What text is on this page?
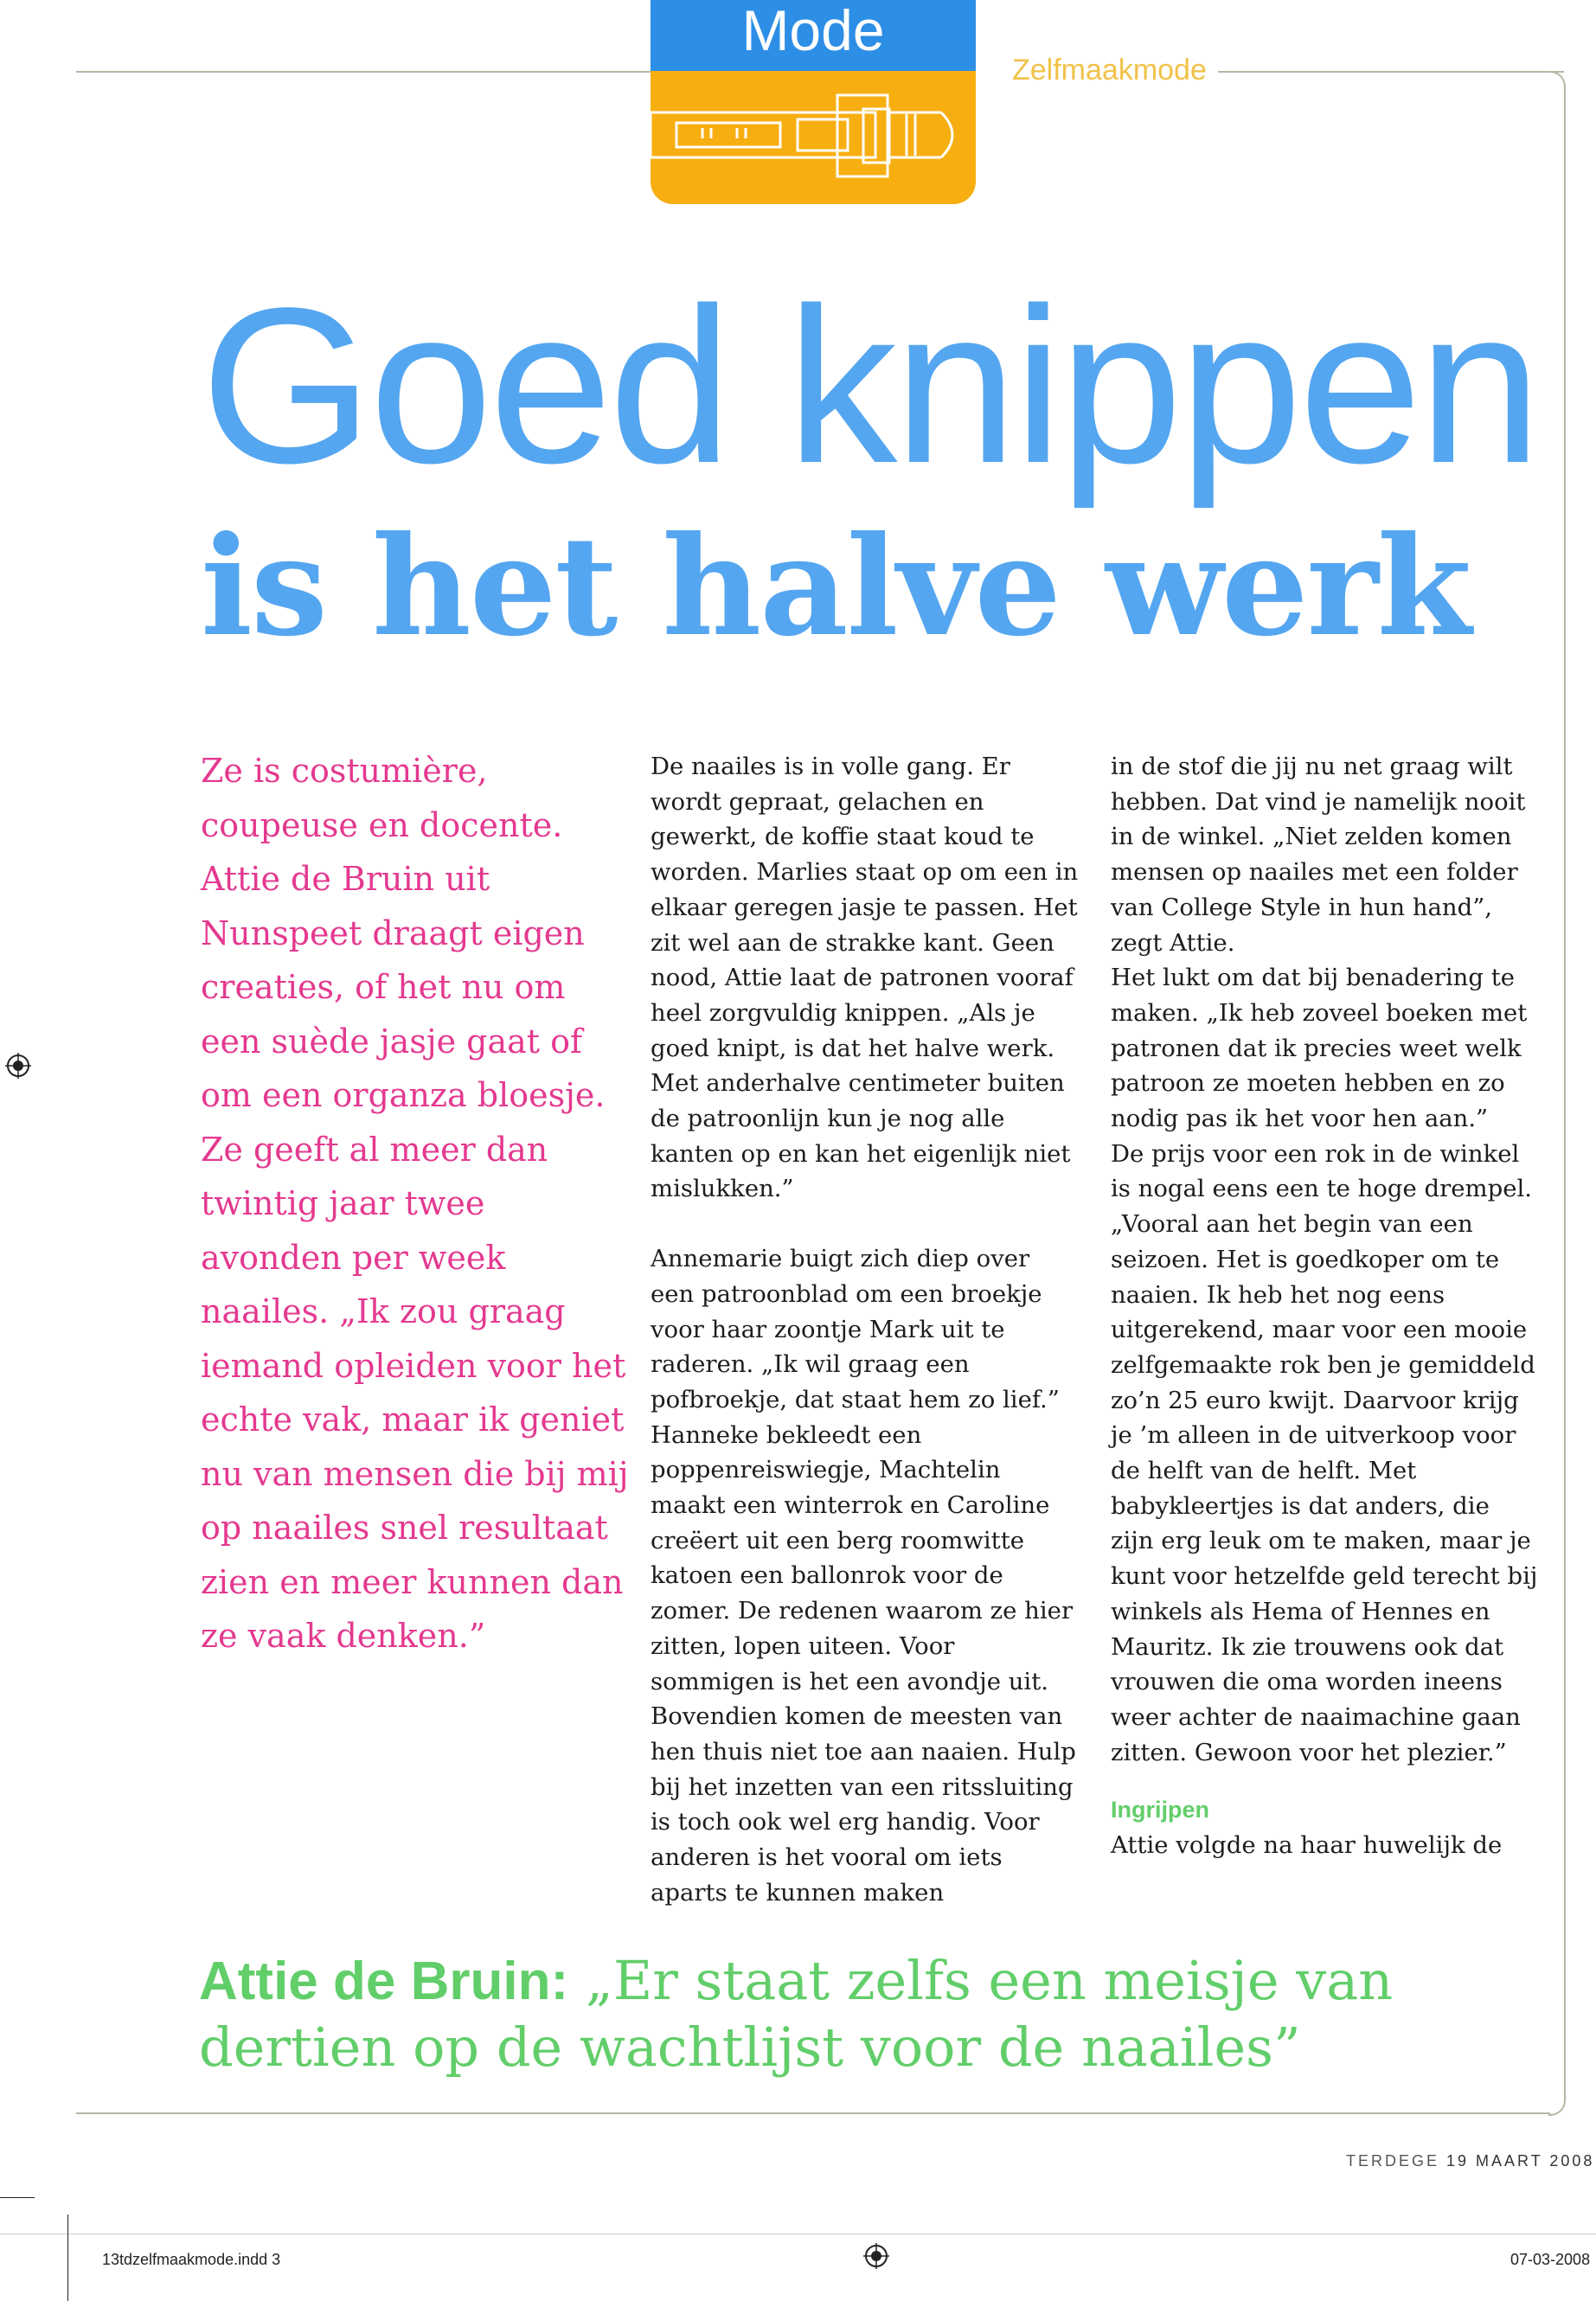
Mode
Zelfmaakmode
Goed knippen
is het halve werk

Ze is costumière, coupeuse en docente. Attie de Bruin uit Nunspeet draagt eigen creaties, of het nu om een suède jasje gaat of om een organza bloesje. Ze geeft al meer dan twintig jaar twee avonden per week naailes. „Ik zou graag iemand opleiden voor het echte vak, maar ik geniet nu van mensen die bij mij op naailes snel resultaat zien en meer kunnen dan ze vaak denken.”

De naailes is in volle gang. Er wordt gepraat, gelachen en gewerkt, de koffie staat koud te worden. Marlies staat op om een in elkaar geregen jasje te passen. Het zit wel aan de strakke kant. Geen nood, Attie laat de patronen vooraf heel zorgvuldig knippen. „Als je goed knipt, is dat het halve werk. Met anderhalve centimeter buiten de patroonlijn kun je nog alle kanten op en kan het eigenlijk niet mislukken.”

Annemarie buigt zich diep over een patroonblad om een broekje voor haar zoontje Mark uit te raderen. „Ik wil graag een pofbroekje, dat staat hem zo lief.”

Hanneke bekleedt een poppenreiswiegje, Machtelin maakt een winterrok en Caroline creëert uit een berg roomwitte katoen een ballonrok voor de zomer. De redenen waarom ze hier zitten, lopen uiteen. Voor sommigen is het een avondje uit. Bovendien komen de meesten van hen thuis niet toe aan naaien. Hulp bij het inzetten van een ritssluiting is toch ook wel erg handig. Voor anderen is het vooral om iets aparts te kunnen maken

in de stof die jij nu net graag wilt hebben. Dat vind je namelijk nooit in de winkel. „Niet zelden komen mensen op naailes met een folder van College Style in hun hand”, zegt Attie.

Het lukt om dat bij benadering te maken. „Ik heb zoveel boeken met patronen dat ik precies weet welk patroon ze moeten hebben en zo nodig pas ik het voor hen aan.”

De prijs voor een rok in de winkel is nogal eens een te hoge drempel. „Vooral aan het begin van een seizoen. Het is goedkoper om te naaien. Ik heb het nog eens uitgerekend, maar voor een mooie zelfgemaakte rok ben je gemiddeld zo’n 25 euro kwijt. Daarvoor krijg je ’m alleen in de uitverkoop voor de helft van de helft. Met babykleertjes is dat anders, die zijn erg leuk om te maken, maar je kunt voor hetzelfde geld terecht bij winkels als Hema of Hennes en Mauritz. Ik zie trouwens ook dat vrouwen die oma worden ineens weer achter de naaimachine gaan zitten. Gewoon voor het plezier.”

Ingrijpen

Attie volgde na haar huwelijk de

Attie de Bruin: „Er staat zelfs een meisje van dertien op de wachtlijst voor de naailes”
TERDEGE 19 MAART 2008
13tdzelfmaakmode.indd 3	07-03-2008
